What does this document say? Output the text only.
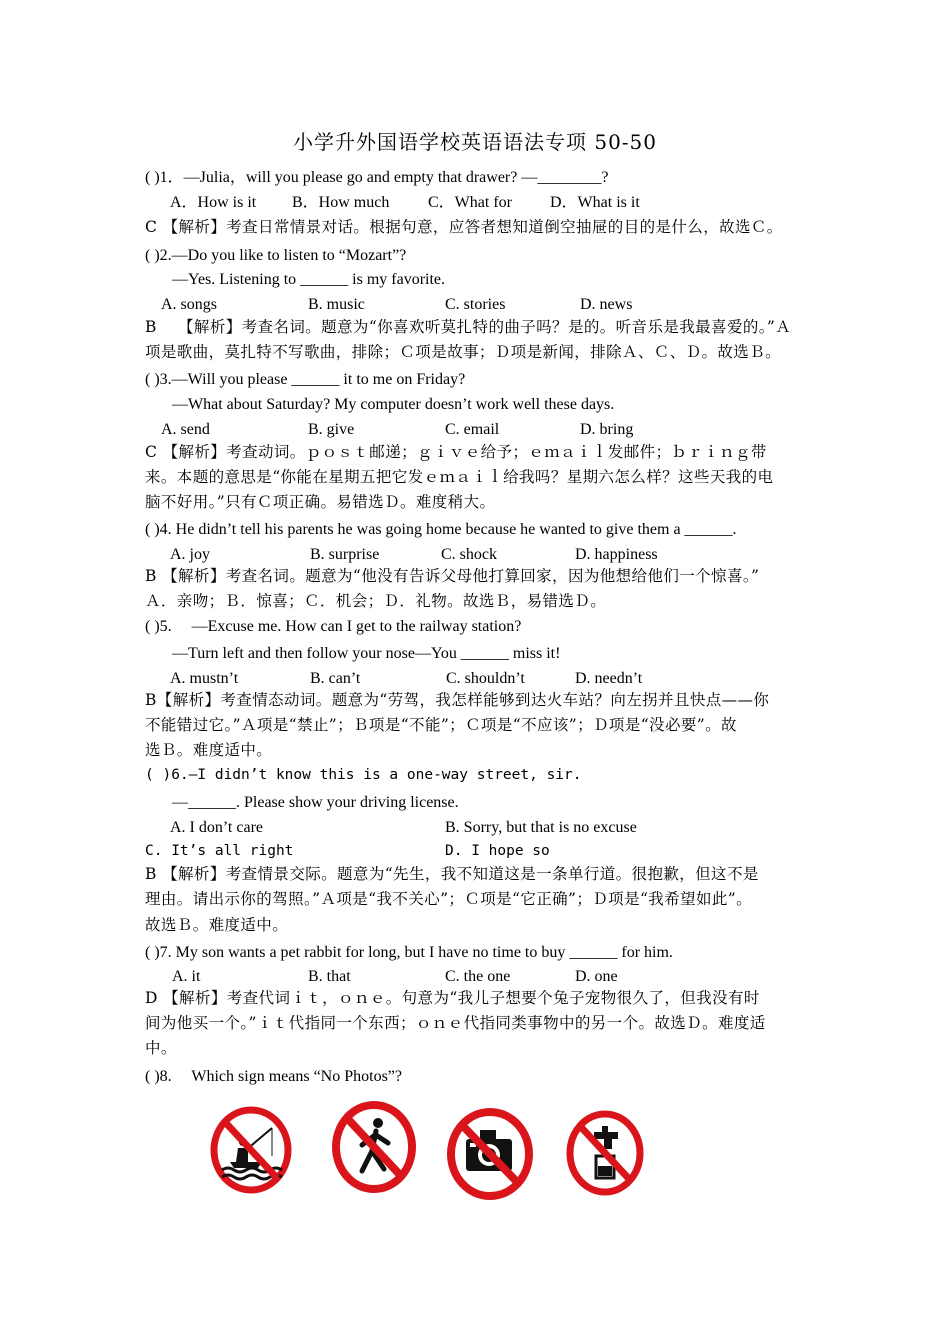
小学升外国语学校英语语法专项 50-50
( )1．—Julia，will you please go and empty that drawer? —________?
A．How is it B．How much C．What for D．What is it
C 【解析】考查日常情景对话。根据句意，应答者想知道倒空抽屉的目的是什么，故选Ｃ。
( )2.—Do you like to listen to “Mozart”?
—Yes. Listening to ______ is my favorite.
A. songs	B. music	C. stories	D. news
B　 【解析】考查名词。题意为“你喜欢听莫扎特的曲子吗？是的。听音乐是我最喜爱的。”Ａ
项是歌曲，莫扎特不写歌曲，排除；Ｃ项是故事；Ｄ项是新闻，排除Ａ、Ｃ、Ｄ。故选Ｂ。
( )3.—Will you please ______ it to me on Friday?
—What about Saturday? My computer doesn’t work well these days.
A. send	B. give	C. email	D. bring
C 【解析】考查动词。ｐｏｓｔ邮递；ｇｉｖｅ给予；ｅｍａｉｌ发邮件；ｂｒｉｎｇ带
来。本题的意思是“你能在星期五把它发ｅｍａｉｌ给我吗？星期六怎么样？这些天我的电
脑不好用。”只有Ｃ项正确。易错选Ｄ。难度稍大。
( )4. He didn’t tell his parents he was going home because he wanted to give them a ______.
A. joy	B. surprise	C. shock	D. happiness
B 【解析】考查名词。题意为“他没有告诉父母他打算回家，因为他想给他们一个惊喜。”
Ａ．亲吻；Ｂ．惊喜；Ｃ．机会；Ｄ．礼物。故选Ｂ，易错选Ｄ。
( )5.　 —Excuse me. How can I get to the railway station?
—Turn left and then follow your nose—You ______ miss it!
A. mustn’t	B. can’t	C. shouldn’t	D. needn’t
B【解析】考查情态动词。题意为“劳驾，我怎样能够到达火车站？向左拐并且快点——你
不能错过它。”Ａ项是“禁止”；Ｂ项是“不能”；Ｃ项是“不应该”；Ｄ项是“没必要”。故
选Ｂ。难度适中。
( )6.—I didn’t know this is a one-way street, sir.
—______. Please show your driving license.
A. I don’t care	B. Sorry, but that is no excuse
C. It’s all right	D. I hope so
B 【解析】考查情景交际。题意为“先生，我不知道这是一条单行道。很抱歉，但这不是
理由。请出示你的驾照。”Ａ项是“我不关心”；Ｃ项是“它正确”；Ｄ项是“我希望如此”。
故选Ｂ。难度适中。
( )7. My son wants a pet rabbit for long, but I have no time to buy ______ for him.
A. it	B. that	C. the one	D. one
D 【解析】考查代词ｉｔ，ｏｎｅ。句意为“我儿子想要个兔子宠物很久了，但我没有时
间为他买一个。”ｉｔ代指同一个东西；ｏｎｅ代指同类事物中的另一个。故选Ｄ。难度适
中。
( )8.　 Which sign means “No Photos”?
